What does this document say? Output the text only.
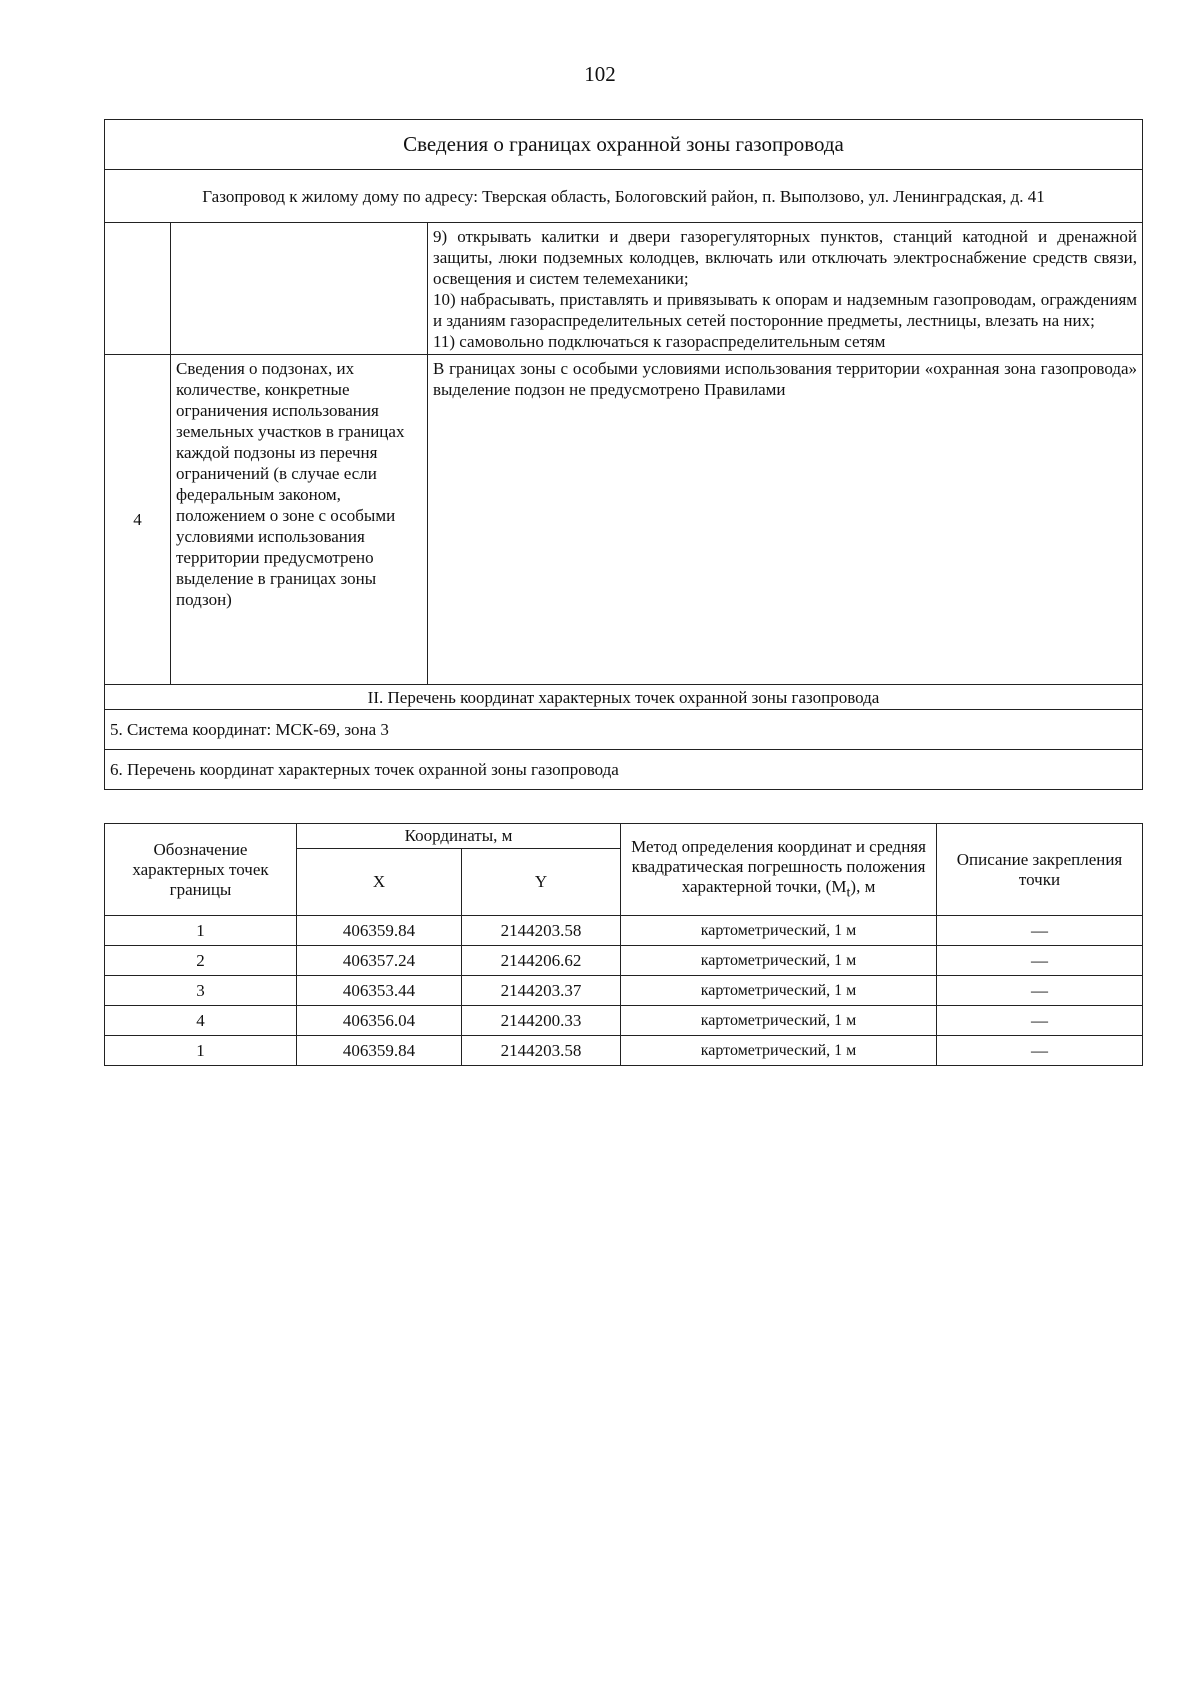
102
Сведения о границах охранной зоны газопровода		
Газопровод к жилому дому по адресу: Тверская область, Бологовский район, п. Выползово, ул. Ленинградская, д. 41		

		9) открывать калитки и двери газорегуляторных пунктов, станций катодной и дренажной защиты, люки подземных колодцев, включать или отключать электроснабжение средств связи, освещения и систем телемеханики;

10) набрасывать, приставлять и привязывать к опорам и надземным газопроводам, ограждениям и зданиям газораспределительных сетей посторонние предметы, лестницы, влезать на них;

11) самовольно подключаться к газораспределительным сетям

4	Сведения о подзонах, их количестве, конкретные ограничения использования земельных участков в границах каждой подзоны из перечня ограничений (в случае если федеральным законом, положением о зоне с особыми условиями использования территории предусмотрено выделение в границах зоны подзон)	В границах зоны с особыми условиями использования территории «охранная зона газопровода» выделение подзон не предусмотрено Правилами
II. Перечень координат характерных точек охранной зоны газопровода		
5. Система координат: МСК-69, зона 3		
6. Перечень координат характерных точек охранной зоны газопровода		
Обозначение характерных точек границы	Координаты, м		Метод определения координат и средняя квадратическая погрешность положения характерной точки, $(M_t)$, м	Описание закрепления точки
	X	Y		
1	406359.84	2144203.58	картометрический, 1 м	—
2	406357.24	2144206.62	картометрический, 1 м	—
3	406353.44	2144203.37	картометрический, 1 м	—
4	406356.04	2144200.33	картометрический, 1 м	—
1	406359.84	2144203.58	картометрический, 1 м	—
